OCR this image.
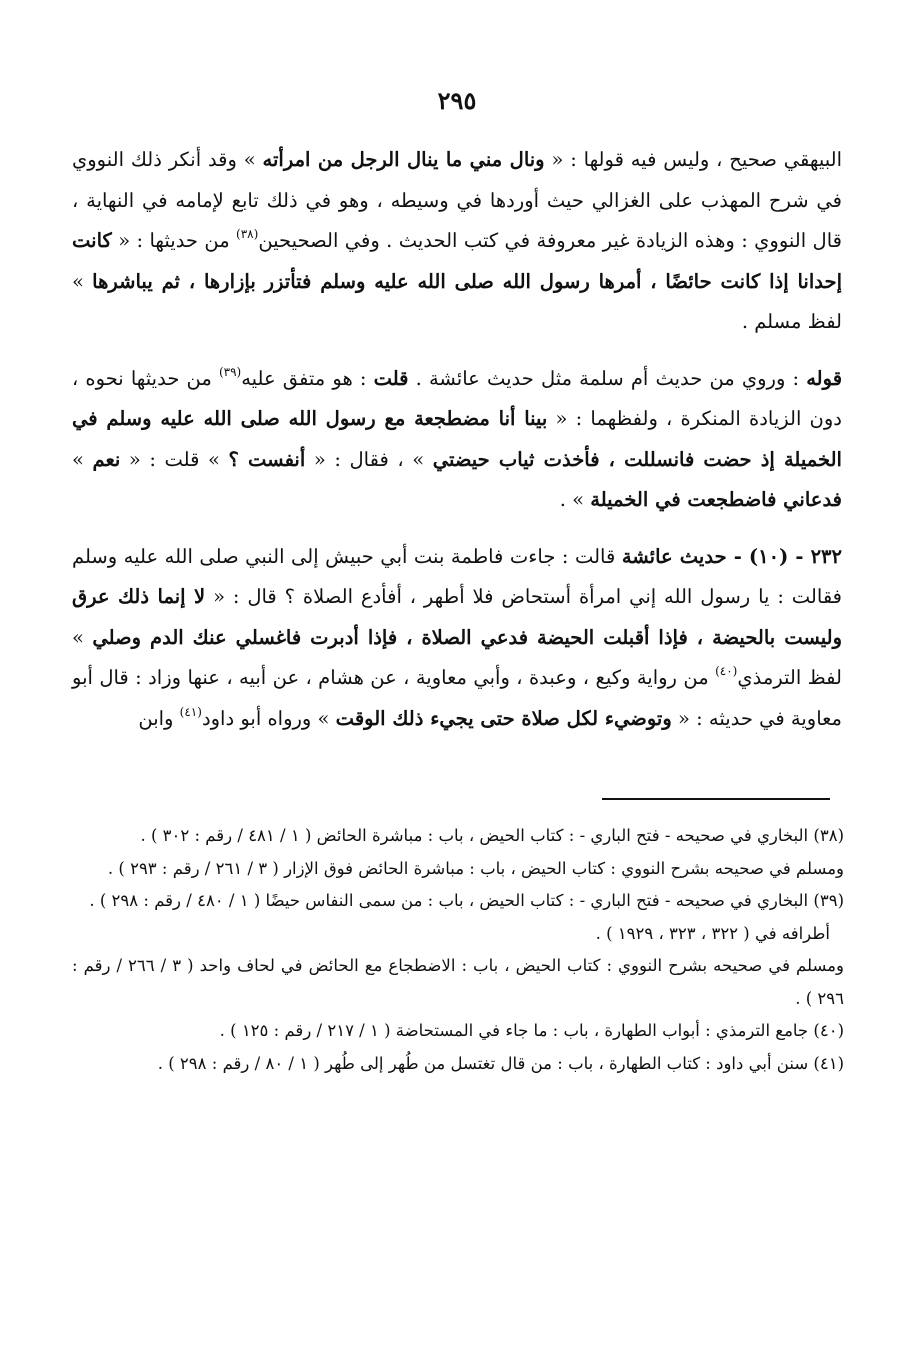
٢٩٥

البيهقي صحيح ، وليس فيه قولها : « ونال مني ما ينال الرجل من امرأته » وقد أنكر ذلك النووي في شرح المهذب على الغزالي حيث أوردها في وسيطه ، وهو في ذلك تابع لإمامه في النهاية ، قال النووي : وهذه الزيادة غير معروفة في كتب الحديث . وفي الصحيحين$^{(٣٨)}$ من حديثها : « كانت إحدانا إذا كانت حائضًا ، أمرها رسول الله صلى الله عليه وسلم فتأتزر بإزارها ، ثم يباشرها » لفظ مسلم .

قوله : وروي من حديث أم سلمة مثل حديث عائشة . قلت : هو متفق عليه$^{(٣٩)}$ من حديثها نحوه ، دون الزيادة المنكرة ، ولفظهما : « بينا أنا مضطجعة مع رسول الله صلى الله عليه وسلم في الخميلة إذ حضت فانسللت ، فأخذت ثياب حيضتي » ، فقال : « أنفست ؟ » قلت : « نعم » فدعاني فاضطجعت في الخميلة » .

٢٣٢ - (١٠) - حديث عائشة قالت : جاءت فاطمة بنت أبي حبيش إلى النبي صلى الله عليه وسلم فقالت : يا رسول الله إني امرأة أستحاض فلا أطهر ، أفأدع الصلاة ؟ قال : « لا إنما ذلك عرق وليست بالحيضة ، فإذا أقبلت الحيضة فدعي الصلاة ، فإذا أدبرت فاغسلي عنك الدم وصلي » لفظ الترمذي$^{(٤٠)}$ من رواية وكيع ، وعبدة ، وأبي معاوية ، عن هشام ، عن أبيه ، عنها وزاد : قال أبو معاوية في حديثه : « وتوضيء لكل صلاة حتى يجيء ذلك الوقت » ورواه أبو داود$^{(٤١)}$ وابن

(٣٨) البخاري في صحيحه - فتح الباري - : كتاب الحيض ، باب : مباشرة الحائض ( ١ / ٤٨١ / رقم : ٣٠٢ ) .

ومسلم في صحيحه بشرح النووي : كتاب الحيض ، باب : مباشرة الحائض فوق الإزار ( ٣ / ٢٦١ / رقم : ٢٩٣ ) .

(٣٩) البخاري في صحيحه - فتح الباري - : كتاب الحيض ، باب : من سمى النفاس حيضًا ( ١ / ٤٨٠ / رقم : ٢٩٨ ) .

أطرافه في ( ٣٢٢ ، ٣٢٣ ، ١٩٢٩ ) .

ومسلم في صحيحه بشرح النووي : كتاب الحيض ، باب : الاضطجاع مع الحائض في لحاف واحد ( ٣ / ٢٦٦ / رقم : ٢٩٦ ) .

(٤٠) جامع الترمذي : أبواب الطهارة ، باب : ما جاء في المستحاضة ( ١ / ٢١٧ / رقم : ١٢٥ ) .

(٤١) سنن أبي داود : كتاب الطهارة ، باب : من قال تغتسل من طُهر إلى طُهر ( ١ / ٨٠ / رقم : ٢٩٨ ) .
